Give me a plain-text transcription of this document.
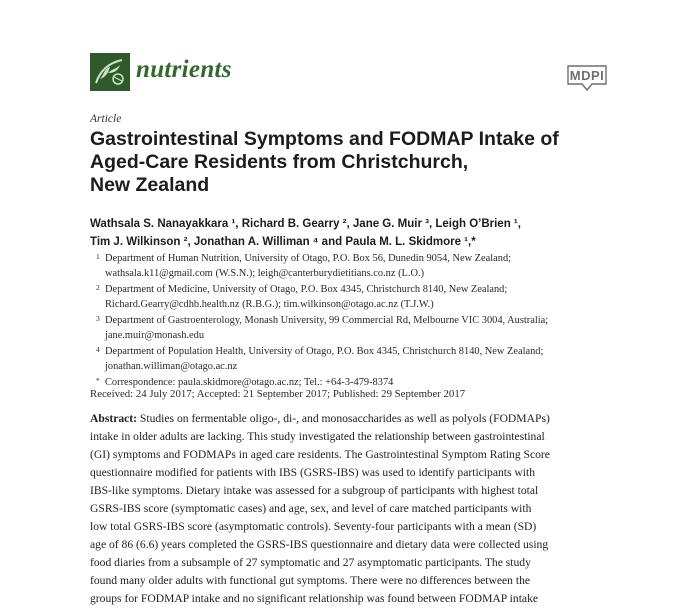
nutrients	MDPI
Article
Gastrointestinal Symptoms and FODMAP Intake of
Aged-Care Residents from Christchurch,
New Zealand
Wathsala S. Nanayakkara ¹, Richard B. Gearry ², Jane G. Muir ³, Leigh O’Brien ¹,
Tim J. Wilkinson ², Jonathan A. Williman ⁴ and Paula M. L. Skidmore ¹,*
1 Department of Human Nutrition, University of Otago, P.O. Box 56, Dunedin 9054, New Zealand;
wathsala.k11@gmail.com (W.S.N.); leigh@canterburydietitians.co.nz (L.O.)
2 Department of Medicine, University of Otago, P.O. Box 4345, Christchurch 8140, New Zealand;
Richard.Gearry@cdhb.health.nz (R.B.G.); tim.wilkinson@otago.ac.nz (T.J.W.)
3 Department of Gastroenterology, Monash University, 99 Commercial Rd, Melbourne VIC 3004, Australia;
jane.muir@monash.edu
4 Department of Population Health, University of Otago, P.O. Box 4345, Christchurch 8140, New Zealand;
jonathan.williman@otago.ac.nz
* Correspondence: paula.skidmore@otago.ac.nz; Tel.: +64-3-479-8374
Received: 24 July 2017; Accepted: 21 September 2017; Published: 29 September 2017
Abstract: Studies on fermentable oligo-, di-, and monosaccharides as well as polyols (FODMAPs)
intake in older adults are lacking. This study investigated the relationship between gastrointestinal
(GI) symptoms and FODMAPs in aged care residents. The Gastrointestinal Symptom Rating Score
questionnaire modified for patients with IBS (GSRS-IBS) was used to identify participants with
IBS-like symptoms. Dietary intake was assessed for a subgroup of participants with highest total
GSRS-IBS score (symptomatic cases) and age, sex, and level of care matched participants with
low total GSRS-IBS score (asymptomatic controls). Seventy-four participants with a mean (SD)
age of 86 (6.6) years completed the GSRS-IBS questionnaire and dietary data were collected using
food diaries from a subsample of 27 symptomatic and 27 asymptomatic participants. The study
found many older adults with functional gut symptoms. There were no differences between the
groups for FODMAP intake and no significant relationship was found between FODMAP intake
